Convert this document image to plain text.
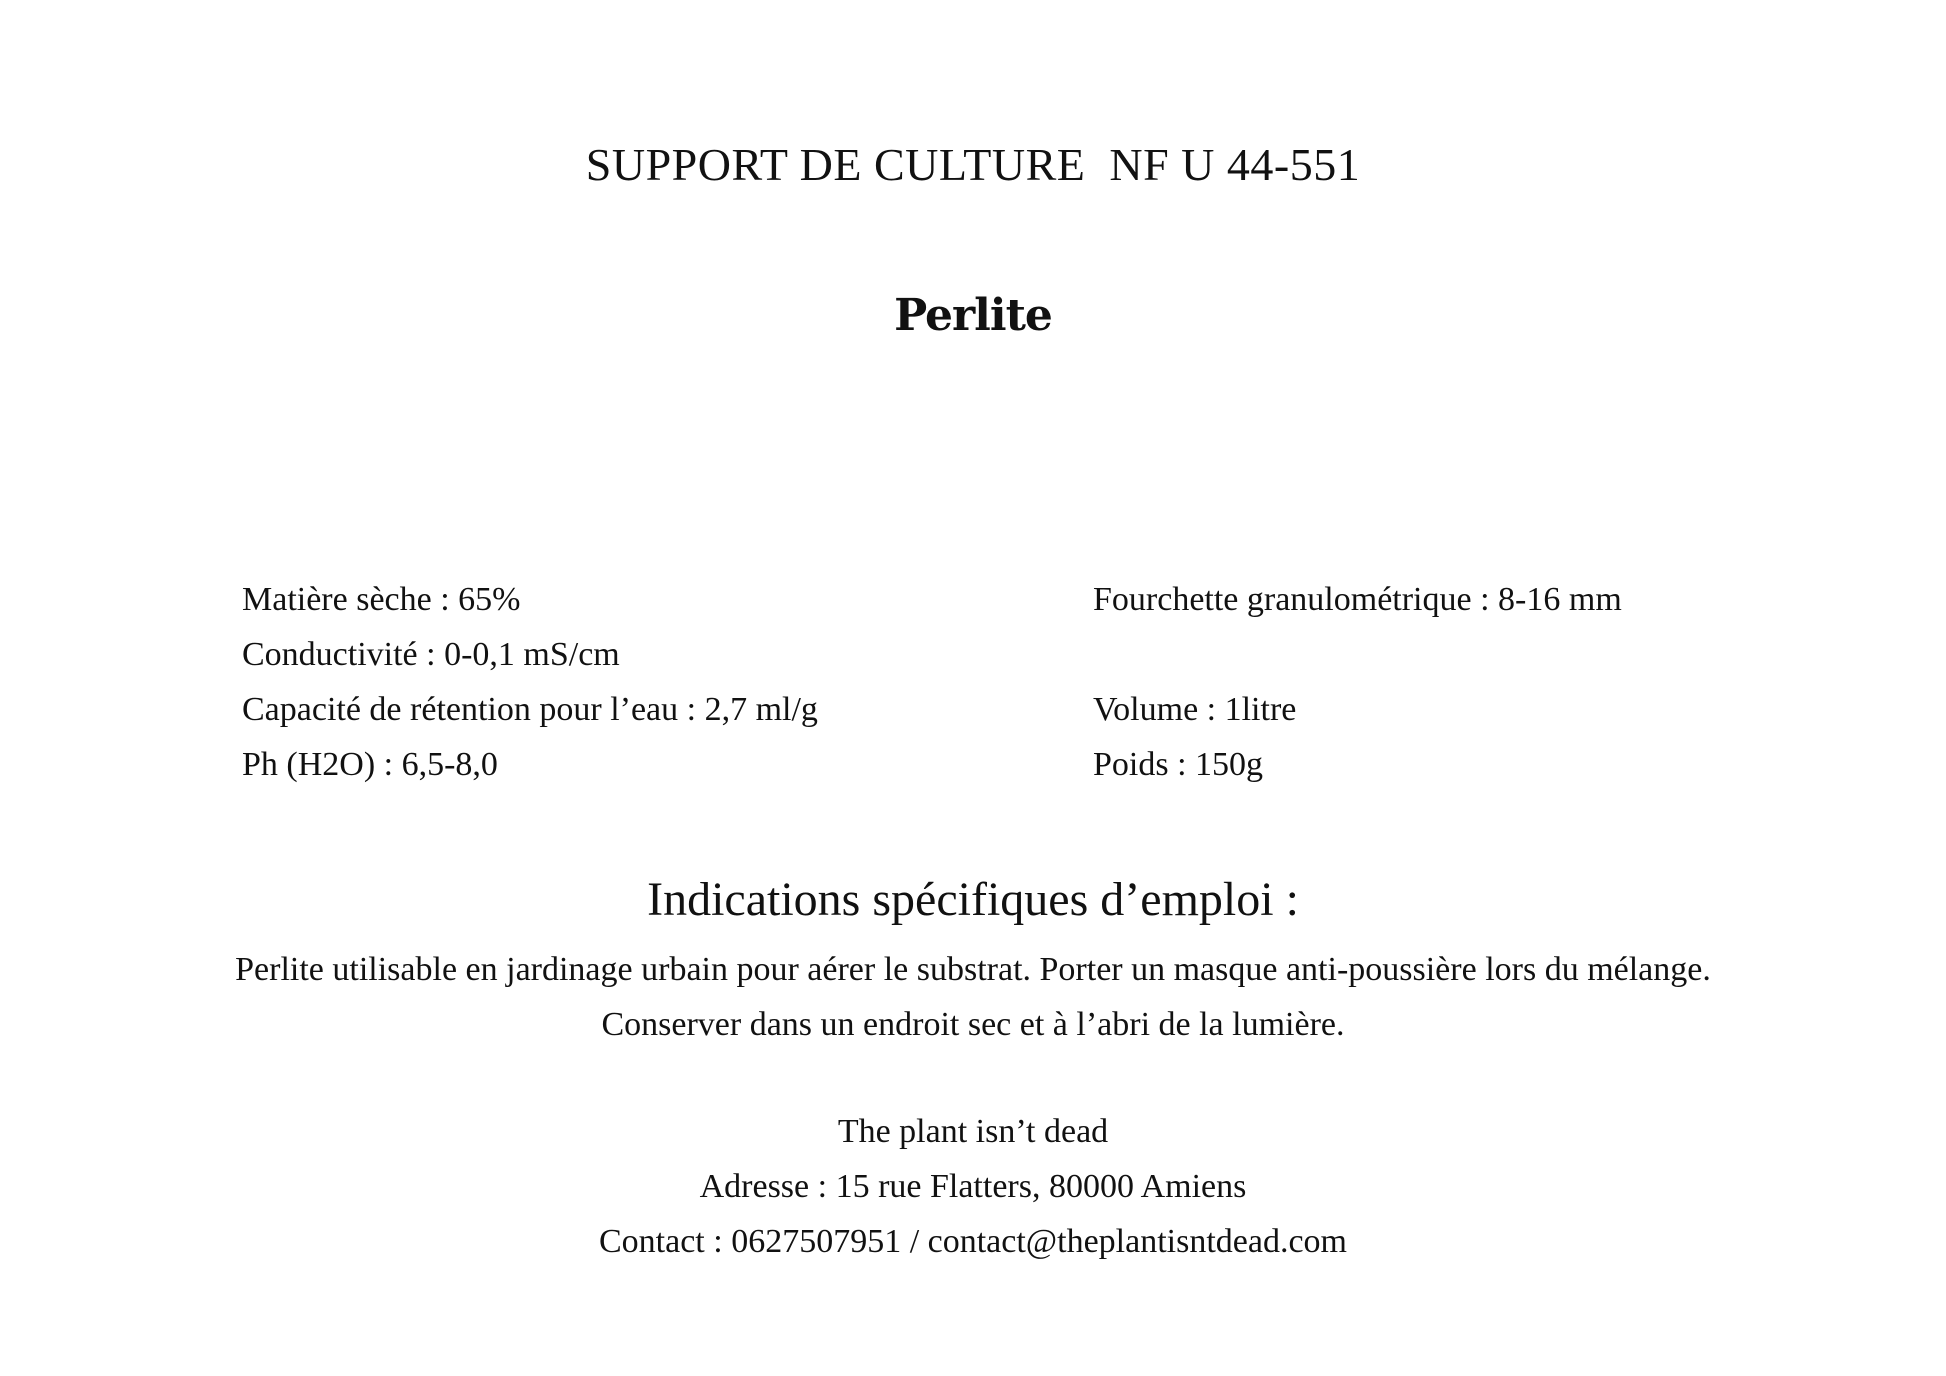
SUPPORT DE CULTURE  NF U 44-551
Perlite
Matière sèche : 65%
Conductivité : 0-0,1 mS/cm
Capacité de rétention pour l’eau : 2,7 ml/g
Ph (H2O) : 6,5-8,0
Fourchette granulométrique : 8-16 mm
Volume : 1litre
Poids : 150g
Indications spécifiques d’emploi :
Perlite utilisable en jardinage urbain pour aérer le substrat. Porter un masque anti-poussière lors du mélange. Conserver dans un endroit sec et à l’abri de la lumière.
The plant isn’t dead
Adresse : 15 rue Flatters, 80000 Amiens
Contact : 0627507951 / contact@theplantisntdead.com
